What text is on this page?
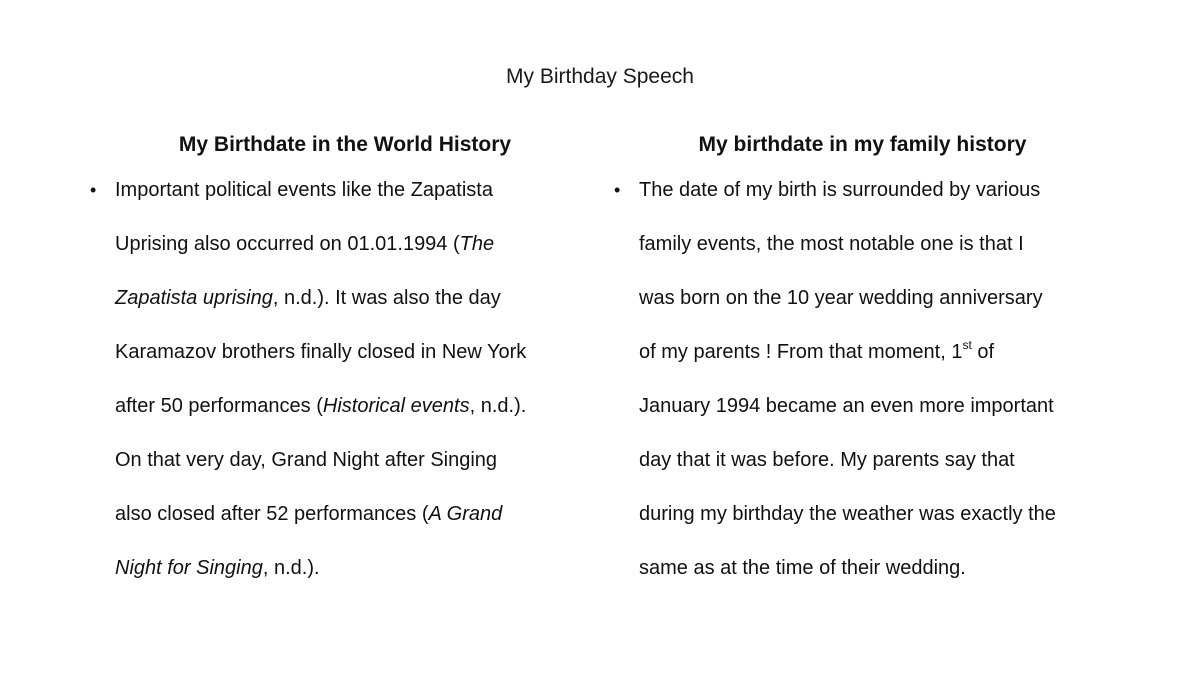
My Birthday Speech
My Birthdate in the World History	My birthdate in my family history
• Important political events like the Zapatista
Uprising also occurred on 01.01.1994 (The
Zapatista uprising, n.d.). It was also the day
Karamazov brothers finally closed in New York
after 50 performances (Historical events, n.d.).
On that very day, Grand Night after Singing
also closed after 52 performances (A Grand
Night for Singing, n.d.).
• The date of my birth is surrounded by various
family events, the most notable one is that I
was born on the 10 year wedding anniversary
of my parents ! From that moment, 1st of
January 1994 became an even more important
day that it was before. My parents say that
during my birthday the weather was exactly the
same as at the time of their wedding.
